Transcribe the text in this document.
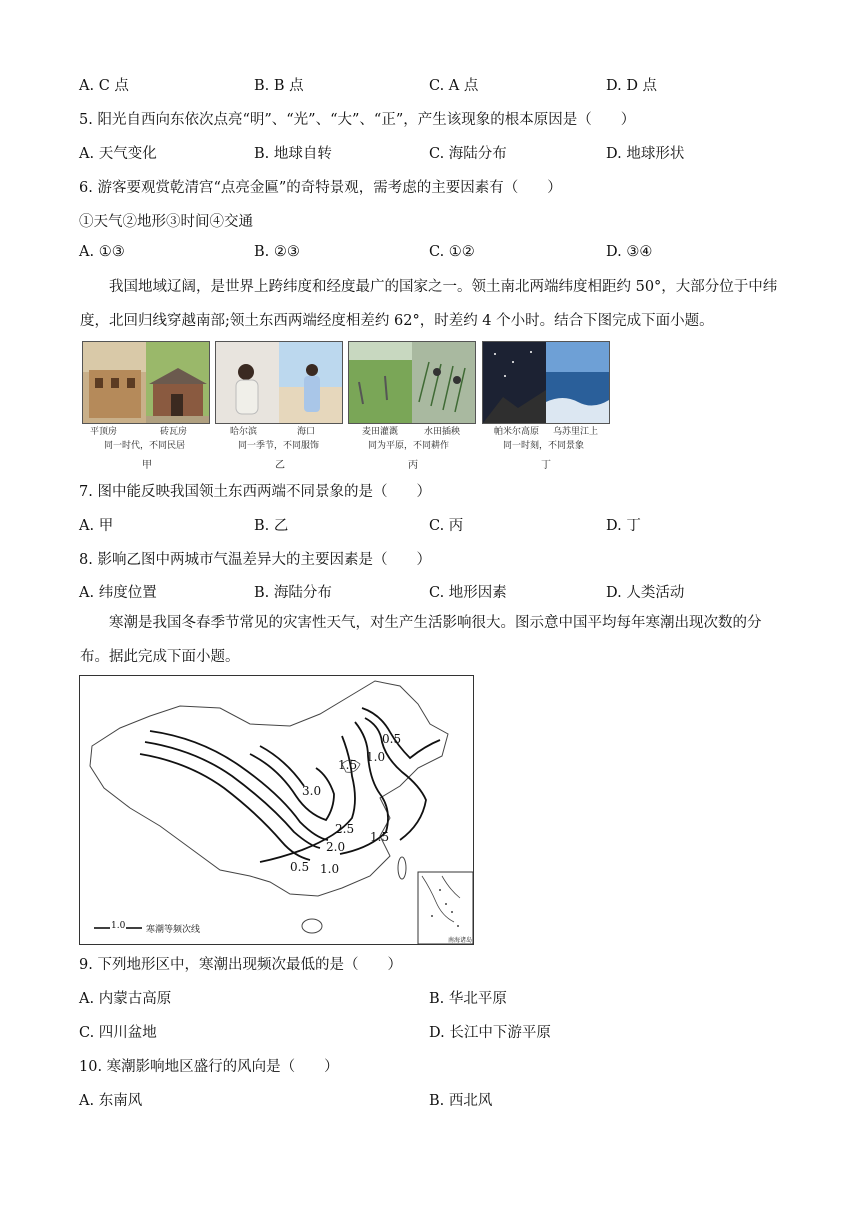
A. C 点	B. B 点	C. A 点	D. D 点
5. 阳光自西向东依次点亮“明”、“光”、“大”、“正”，产生该现象的根本原因是（　　）
A. 天气变化	B. 地球自转	C. 海陆分布	D. 地球形状
6. 游客要观赏乾清宫“点亮金匾”的奇特景观，需考虑的主要因素有（　　）
①天气②地形③时间④交通
A. ①③	B. ②③	C. ①②	D. ③④
我国地域辽阔，是世界上跨纬度和经度最广的国家之一。领土南北两端纬度相距约 50°，大部分位于中纬度，北回归线穿越南部;领土东西两端经度相差约 62°，时差约 4 个小时。结合下图完成下面小题。
平顶房	砖瓦房
同一时代，不同民居
甲
哈尔滨	海口
同一季节，不同服饰
乙
麦田灌溉	水田插秧
同为平原，不同耕作
丙
帕米尔高原 乌苏里江上
同一时刻，不同景象
丁
7. 图中能反映我国领土东西两端不同景象的是（　　）
A. 甲	B. 乙	C. 丙	D. 丁
8. 影响乙图中两城市气温差异大的主要因素是（　　）
A. 纬度位置	B. 海陆分布	C. 地形因素	D. 人类活动
寒潮是我国冬春季节常见的灾害性天气，对生产生活影响很大。图示意中国平均每年寒潮出现次数的分布。据此完成下面小题。
0.5
1.0
1.5
3.0
2.5
2.0
1.5
0.5 1.0
1.0 寒潮等频次线
南海诸岛
9. 下列地形区中，寒潮出现频次最低的是（　　）
A. 内蒙古高原	B. 华北平原
C. 四川盆地	D. 长江中下游平原
10. 寒潮影响地区盛行的风向是（　　）
A. 东南风	B. 西北风
